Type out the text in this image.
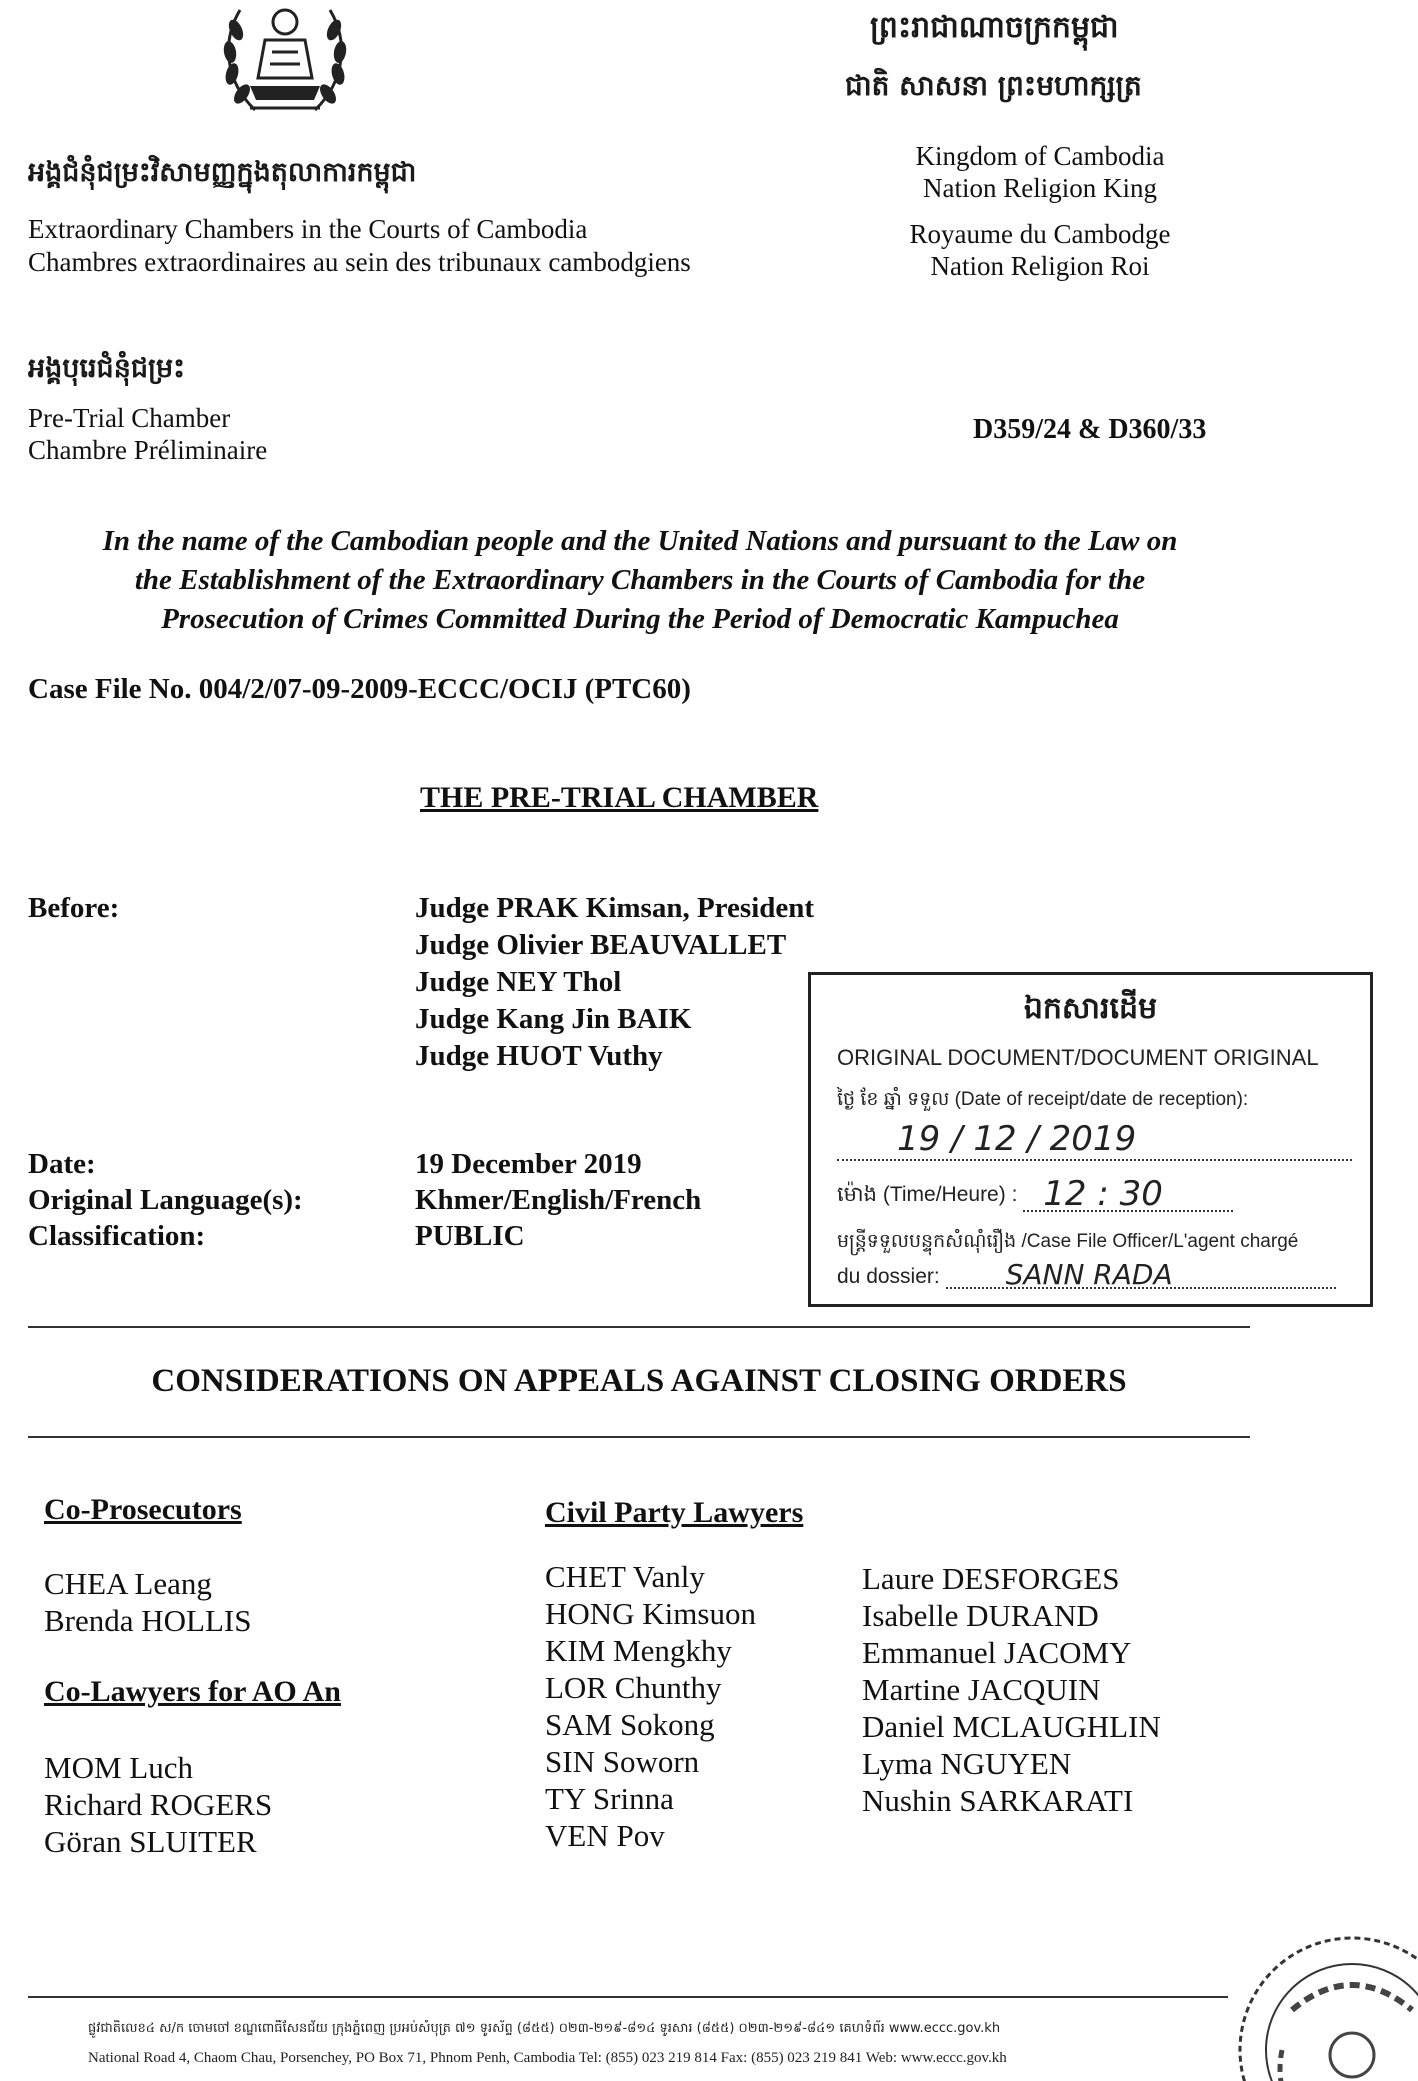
អង្គជំនុំជម្រះវិសាមញ្ញក្នុងតុលាការកម្ពុជា
Extraordinary Chambers in the Courts of Cambodia
Chambres extraordinaires au sein des tribunaux cambodgiens
ព្រះរាជាណាចក្រកម្ពុជា
ជាតិ សាសនា ព្រះមហាក្សត្រ
Kingdom of Cambodia
Nation Religion King
Royaume du Cambodge
Nation Religion Roi
អង្គបុរេជំនុំជម្រះ
Pre-Trial Chamber
Chambre Préliminaire
D359/24 & D360/33
In the name of the Cambodian people and the United Nations and pursuant to the Law on
the Establishment of the Extraordinary Chambers in the Courts of Cambodia for the
Prosecution of Crimes Committed During the Period of Democratic Kampuchea
Case File No. 004/2/07-09-2009-ECCC/OCIJ (PTC60)
THE PRE-TRIAL CHAMBER
Before:	Judge PRAK Kimsan, President
Judge Olivier BEAUVALLET
Judge NEY Thol
Judge Kang Jin BAIK
Judge HUOT Vuthy
Date:
Original Language(s):
Classification:
19 December 2019
Khmer/English/French
PUBLIC
ឯកសារដើម
ORIGINAL DOCUMENT/DOCUMENT ORIGINAL
ថ្ងៃ ខែ ឆ្នាំ ទទួល (Date of receipt/date de reception):
19 / 12 / 2019
ម៉ោង (Time/Heure) : 12 : 30
មន្ត្រីទទួលបន្ទុកសំណុំរឿង /Case File Officer/L'agent chargé
du dossier: SANN RADA
CONSIDERATIONS ON APPEALS AGAINST CLOSING ORDERS
Co-Prosecutors
CHEA Leang
Brenda HOLLIS
Co-Lawyers for AO An
MOM Luch
Richard ROGERS
Göran SLUITER
Civil Party Lawyers
CHET Vanly
HONG Kimsuon
KIM Mengkhy
LOR Chunthy
SAM Sokong
SIN Soworn
TY Srinna
VEN Pov
Laure DESFORGES
Isabelle DURAND
Emmanuel JACOMY
Martine JACQUIN
Daniel MCLAUGHLIN
Lyma NGUYEN
Nushin SARKARATI
ផ្លូវជាតិលេខ៤ ស/ក ចោមចៅ ខណ្ឌពោធិ៍សែនជ័យ ក្រុងភ្នំពេញ ប្រអប់សំបុត្រ ៧១ ទូរស័ព្ទ (៨៥៥) ០២៣-២១៩-៨១៤ ទូរសារ (៨៥៥) ០២៣-២១៩-៨៤១ គេហទំព័រ www.eccc.gov.kh
National Road 4, Chaom Chau, Porsenchey, PO Box 71, Phnom Penh, Cambodia Tel: (855) 023 219 814 Fax: (855) 023 219 841 Web: www.eccc.gov.kh
